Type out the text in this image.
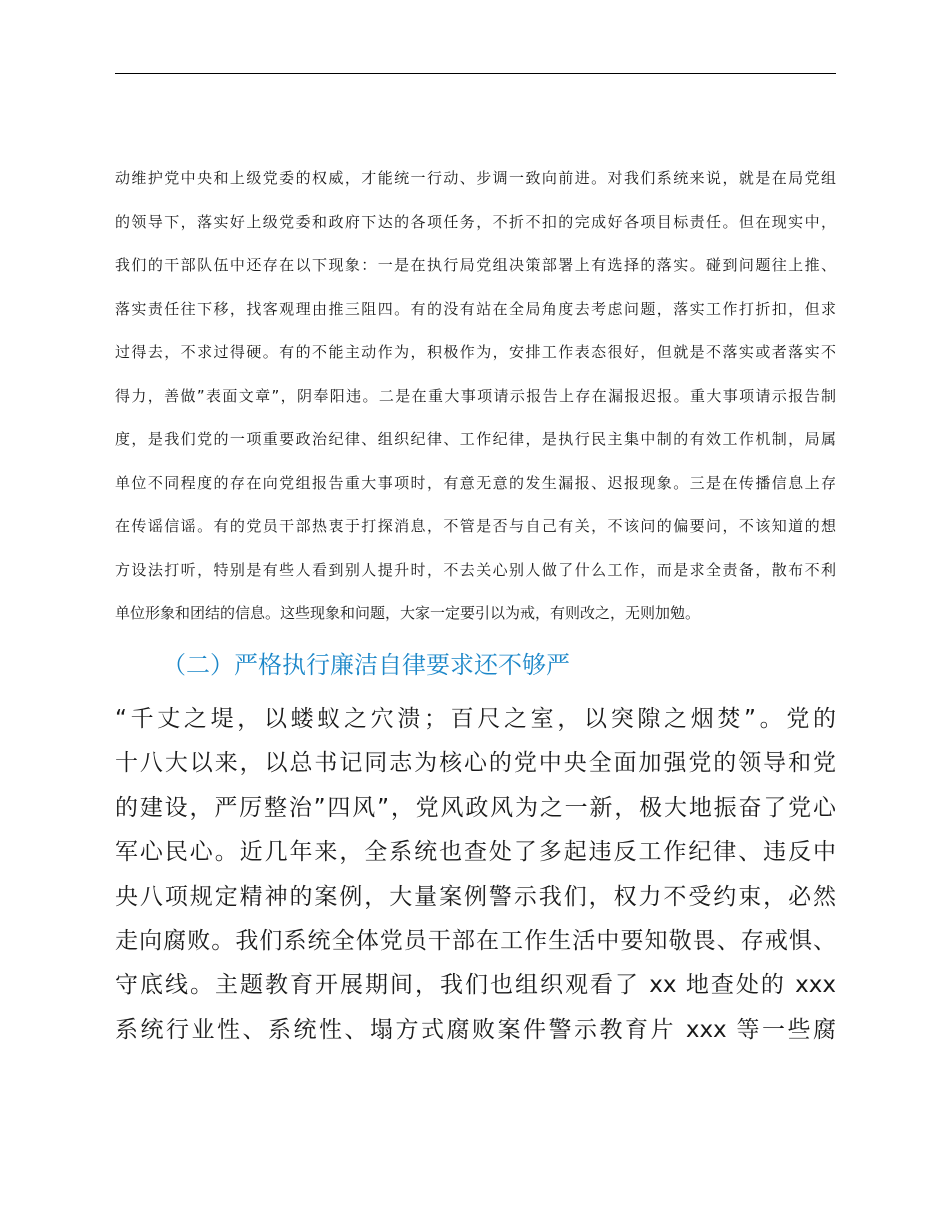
动维护党中央和上级党委的权威，才能统一行动、步调一致向前进。对我们系统来说，就是在局党组
的领导下，落实好上级党委和政府下达的各项任务，不折不扣的完成好各项目标责任。但在现实中，
我们的干部队伍中还存在以下现象：一是在执行局党组决策部署上有选择的落实。碰到问题往上推、
落实责任往下移，找客观理由推三阻四。有的没有站在全局角度去考虑问题，落实工作打折扣，但求
过得去，不求过得硬。有的不能主动作为，积极作为，安排工作表态很好，但就是不落实或者落实不
得力，善做”表面文章”，阴奉阳违。二是在重大事项请示报告上存在漏报迟报。重大事项请示报告制
度，是我们党的一项重要政治纪律、组织纪律、工作纪律，是执行民主集中制的有效工作机制，局属
单位不同程度的存在向党组报告重大事项时，有意无意的发生漏报、迟报现象。三是在传播信息上存
在传谣信谣。有的党员干部热衷于打探消息，不管是否与自己有关，不该问的偏要问，不该知道的想
方设法打听，特别是有些人看到别人提升时，不去关心别人做了什么工作，而是求全责备，散布不利
单位形象和团结的信息。这些现象和问题，大家一定要引以为戒，有则改之，无则加勉。
（二）严格执行廉洁自律要求还不够严
“千丈之堤，以蝼蚁之穴溃；百尺之室，以突隙之烟焚”。党的
十八大以来，以总书记同志为核心的党中央全面加强党的领导和党
的建设，严厉整治”四风”，党风政风为之一新，极大地振奋了党心
军心民心。近几年来，全系统也查处了多起违反工作纪律、违反中
央八项规定精神的案例，大量案例警示我们，权力不受约束，必然
走向腐败。我们系统全体党员干部在工作生活中要知敬畏、存戒惧、
守底线。主题教育开展期间，我们也组织观看了 xx 地查处的 xxx
系统行业性、系统性、塌方式腐败案件警示教育片 xxx 等一些腐
